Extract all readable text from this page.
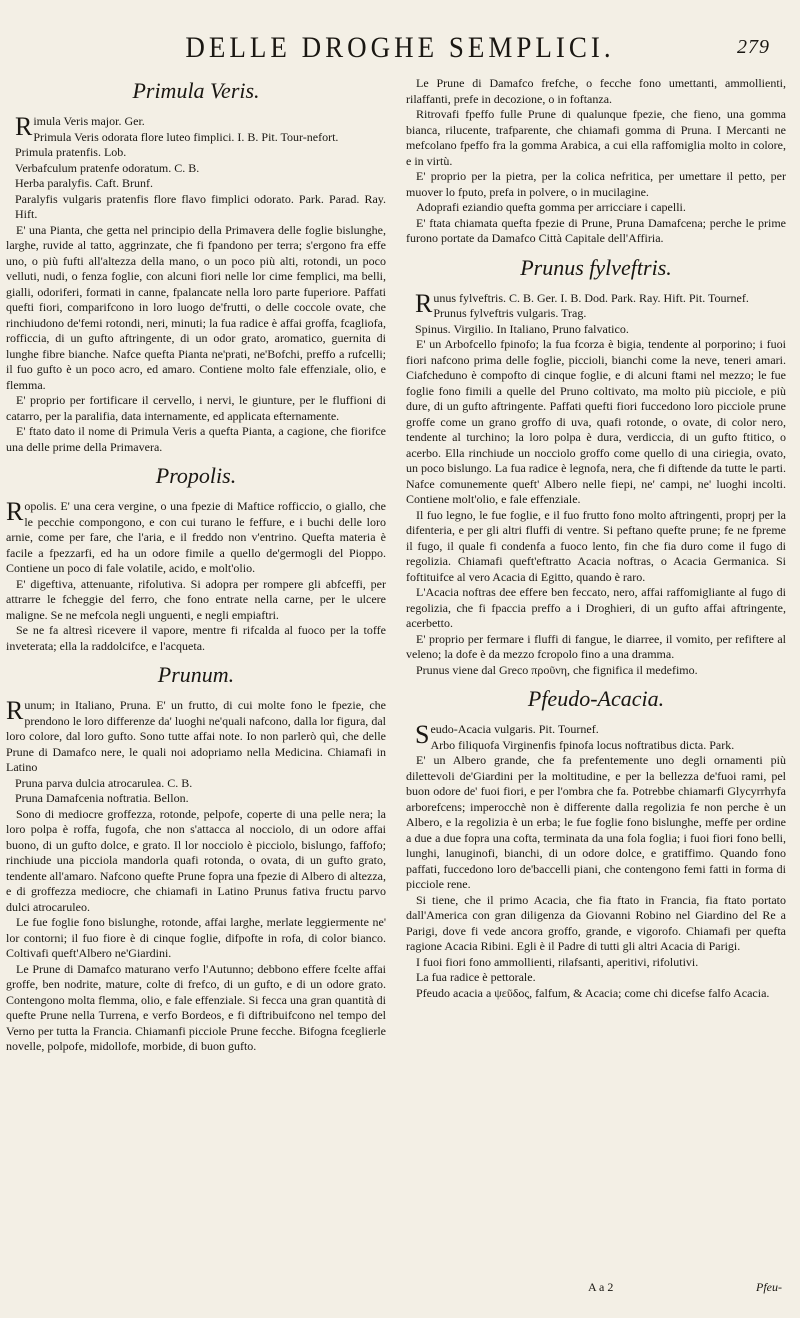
DELLE DROGHE SEMPLICI.	279
Primula Veris.

Rimula Veris major. Ger.

Primula Veris odorata flore luteo fimplici. I. B. Pit. Tour-nefort.

Primula pratenfis. Lob.

Verbafculum pratenfe odoratum. C. B.

Herba paralyfis. Caft. Brunf.

Paralyfis vulgaris pratenfis flore flavo fimplici odorato. Park. Parad. Ray. Hift.

E' una Pianta, che getta nel principio della Primavera delle foglie bislunghe, larghe, ruvide al tatto, aggrinzate, che fi fpandono per terra; s'ergono fra effe uno, o più fufti all'altezza della mano, o un poco più alti, rotondi, un poco velluti, nudi, o fenza foglie, con alcuni fiori nelle lor cime femplici, ma belli, gialli, odoriferi, formati in canne, fpalancate nella loro parte fuperiore. Paffati quefti fiori, comparifcono in loro luogo de'frutti, o delle coccole ovate, che rinchiudono de'femi rotondi, neri, minuti; la fua radice è affai groffa, fcagliofa, rofficcia, di un gufto aftringente, di un odor grato, aromatico, guernita di lunghe fibre bianche. Nafce quefta Pianta ne'prati, ne'Bofchi, preffo a rufcelli; il fuo gufto è un poco acro, ed amaro. Contiene molto fale effenziale, olio, e flemma.

E' proprio per fortificare il cervello, i nervi, le giunture, per le fluffioni di catarro, per la paralifia, data internamente, ed applicata efternamente.

E' ftato dato il nome di Primula Veris a quefta Pianta, a cagione, che fiorifce una delle prime della Primavera.

Propolis.

Ropolis. E' una cera vergine, o una fpezie di Maftice rofficcio, o giallo, che le pecchie compongono, e con cui turano le feffure, e i buchi delle loro arnie, come per fare, che l'aria, e il freddo non v'entrino. Quefta materia è facile a fpezzarfi, ed ha un odore fimile a quello de'germogli del Pioppo. Contiene un poco di fale volatile, acido, e molt'olio.

E' digeftiva, attenuante, rifolutiva. Si adopra per rompere gli abfceffi, per attrarre le fcheggie del ferro, che fono entrate nella carne, per le ulcere maligne. Se ne mefcola negli unguenti, e negli empiaftri.

Se ne fa altresì ricevere il vapore, mentre fi rifcalda al fuoco per la toffe inveterata; ella la raddolcifce, e l'acqueta.

Prunum.

Runum; in Italiano, Pruna. E' un frutto, di cui molte fono le fpezie, che prendono le loro differenze da' luoghi ne'quali nafcono, dalla lor figura, dal loro colore, dal loro gufto. Sono tutte affai note. Io non parlerò quì, che delle Prune di Damafco nere, le quali noi adopriamo nella Medicina. Chiamafi in Latino

Pruna parva dulcia atrocarulea. C. B.

Pruna Damafcenia noftratia. Bellon.

Sono di mediocre groffezza, rotonde, pelpofe, coperte di una pelle nera; la loro polpa è roffa, fugofa, che non s'attacca al nocciolo, di un odore affai buono, di un gufto dolce, e grato. Il lor nocciolo è picciolo, bislungo, faffofo; rinchiude una picciola mandorla quafi rotonda, o ovata, di un gufto grato, tendente all'amaro. Nafcono quefte Prune fopra una fpezie di Albero di altezza, e di groffezza mediocre, che chiamafi in Latino Prunus fativa fructu parvo dulci atrocaruleo.

Le fue foglie fono bislunghe, rotonde, affai larghe, merlate leggiermente ne' lor contorni; il fuo fiore è di cinque foglie, difpofte in rofa, di color bianco. Coltivafi queft'Albero ne'Giardini.

Le Prune di Damafco maturano verfo l'Autunno; debbono effere fcelte affai groffe, ben nodrite, mature, colte di frefco, di un gufto, e di un odore grato. Contengono molta flemma, olio, e fale effenziale. Si fecca una gran quantità di quefte Prune nella Turrena, e verfo Bordeos, e fi diftribuifcono nel tempo del Verno per tutta la Francia. Chiamanfi picciole Prune fecche. Bifogna fceglierle novelle, polpofe, midollofe, morbide, di buon gufto.

Le Prune di Damafco frefche, o fecche fono umettanti, ammollienti, rilaffanti, prefe in decozione, o in foftanza.

Ritrovafi fpeffo fulle Prune di qualunque fpezie, che fieno, una gomma bianca, rilucente, trafparente, che chiamafi gomma di Pruna. I Mercanti ne mefcolano fpeffo fra la gomma Arabica, a cui ella raffomiglia molto in colore, e in virtù.

E' proprio per la pietra, per la colica nefritica, per umettare il petto, per muover lo fputo, prefa in polvere, o in mucilagine.

Adoprafi eziandio quefta gomma per arricciare i capelli.

E' ftata chiamata quefta fpezie di Prune, Pruna Damafcena; perche le prime furono portate da Damafco Città Capitale dell'Affiria.

Prunus fylveftris.

Runus fylveftris. C. B. Ger. I. B. Dod. Park. Ray. Hift. Pit. Tournef.

Prunus fylveftris vulgaris. Trag.

Spinus. Virgilio. In Italiano, Pruno falvatico.

E' un Arbofcello fpinofo; la fua fcorza è bigia, tendente al porporino; i fuoi fiori nafcono prima delle foglie, piccioli, bianchi come la neve, teneri amari. Ciafcheduno è compofto di cinque foglie, e di alcuni ftami nel mezzo; le fue foglie fono fimili a quelle del Pruno coltivato, ma molto più picciole, e più dure, di un gufto aftringente. Paffati quefti fiori fuccedono loro picciole prune groffe come un grano groffo di uva, quafi rotonde, o ovate, di color nero, tendente al turchino; la loro polpa è dura, verdiccia, di un gufto ftitico, o acerbo. Ella rinchiude un nocciolo groffo come quello di una ciriegia, ovato, un poco bislungo. La fua radice è legnofa, nera, che fi diftende da tutte le parti. Nafce comunemente queft' Albero nelle fiepi, ne' campi, ne' luoghi incolti. Contiene molt'olio, e fale effenziale.

Il fuo legno, le fue foglie, e il fuo frutto fono molto aftringenti, proprj per la difenteria, e per gli altri fluffi di ventre. Si peftano quefte prune; fe ne fpreme il fugo, il quale fi condenfa a fuoco lento, fin che fia duro come il fugo di regolizia. Chiamafi queft'eftratto Acacia noftras, o Acacia Germanica. Si foftituifce al vero Acacia di Egitto, quando è raro.

L'Acacia noftras dee effere ben feccato, nero, affai raffomigliante al fugo di regolizia, che fi fpaccia preffo a i Droghieri, di un gufto affai aftringente, acerbetto.

E' proprio per fermare i fluffi di fangue, le diarree, il vomito, per refiftere al veleno; la dofe è da mezzo fcropolo fino a una dramma.

Prunus viene dal Greco προῦνη, che fignifica il medefimo.

Pfeudo-Acacia.

Seudo-Acacia vulgaris. Pit. Tournef.

Arbo filiquofa Virginenfis fpinofa locus noftratibus dicta. Park.

E' un Albero grande, che fa prefentemente uno degli ornamenti più dilettevoli de'Giardini per la moltitudine, e per la bellezza de'fuoi rami, pel buon odore de' fuoi fiori, e per l'ombra che fa. Potrebbe chiamarfi Glycyrrhyfa arborefcens; imperocchè non è differente dalla regolizia fe non perche è un Albero, e la regolizia è un erba; le fue foglie fono bislunghe, meffe per ordine a due a due fopra una cofta, terminata da una fola foglia; i fuoi fiori fono belli, lunghi, lanuginofi, bianchi, di un odore dolce, e gratiffimo. Quando fono paffati, fuccedono loro de'baccelli piani, che contengono femi fatti in forma di picciole rene.

Si tiene, che il primo Acacia, che fia ftato in Francia, fia ftato portato dall'America con gran diligenza da Giovanni Robino nel Giardino del Re a Parigi, dove fi vede ancora groffo, grande, e vigorofo. Chiamafi per quefta ragione Acacia Ribini. Egli è il Padre di tutti gli altri Acacia di Parigi.

I fuoi fiori fono ammollienti, rilafsanti, aperitivi, rifolutivi.

La fua radice è pettorale.

Pfeudo acacia a ψεῦδος, falfum, & Acacia; come chi dicefse falfo Acacia.

A a 2	Pfeu-
